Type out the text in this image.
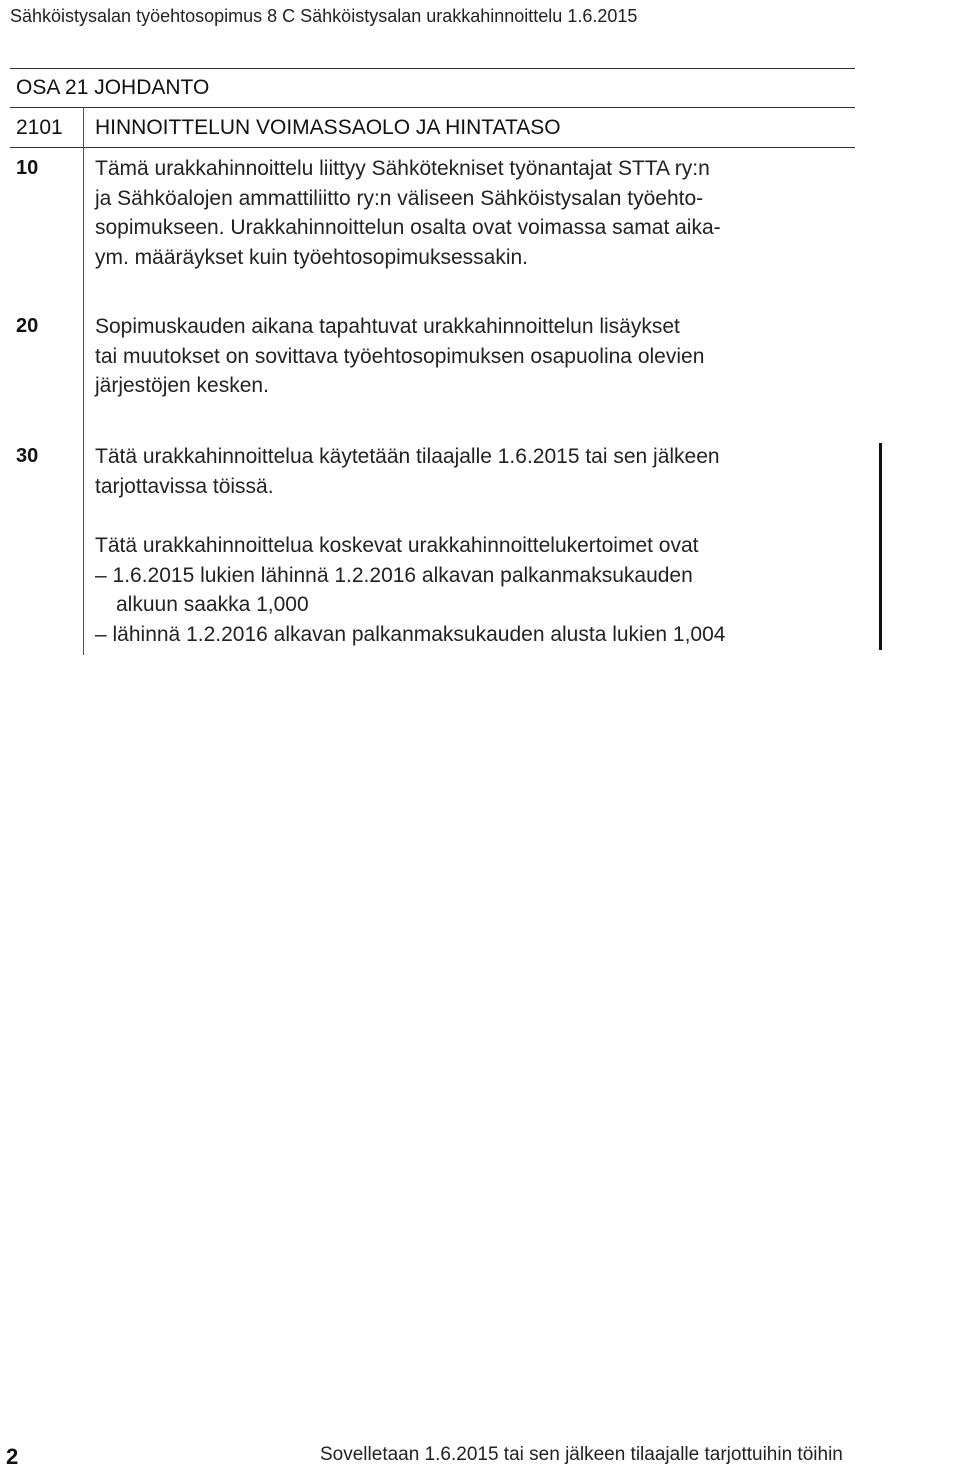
Sähköistysalan työehtosopimus 8 C Sähköistysalan urakkahinnoittelu 1.6.2015
OSA 21 JOHDANTO
2101 HINNOITTELUN VOIMASSAOLO JA HINTATASO
10	Tämä urakkahinnoittelu liittyy Sähkötekniset työnantajat STTA ry:n
ja Sähköalojen ammattiliitto ry:n väliseen Sähköistysalan työehto-
sopimukseen. Urakkahinnoittelun osalta ovat voimassa samat aika-
ym. määräykset kuin työehtosopimuksessakin.
20	Sopimuskauden aikana tapahtuvat urakkahinnoittelun lisäykset
tai muutokset on sovittava työehtosopimuksen osapuolina olevien
järjestöjen kesken.
30	Tätä urakkahinnoittelua käytetään tilaajalle 1.6.2015 tai sen jälkeen
tarjottavissa töissä.
Tätä urakkahinnoittelua koskevat urakkahinnoittelukertoimet ovat
– 1.6.2015 lukien lähinnä 1.2.2016 alkavan palkanmaksukauden
alkuun saakka 1,000
– lähinnä 1.2.2016 alkavan palkanmaksukauden alusta lukien 1,004
2	Sovelletaan 1.6.2015 tai sen jälkeen tilaajalle tarjottuihin töihin
